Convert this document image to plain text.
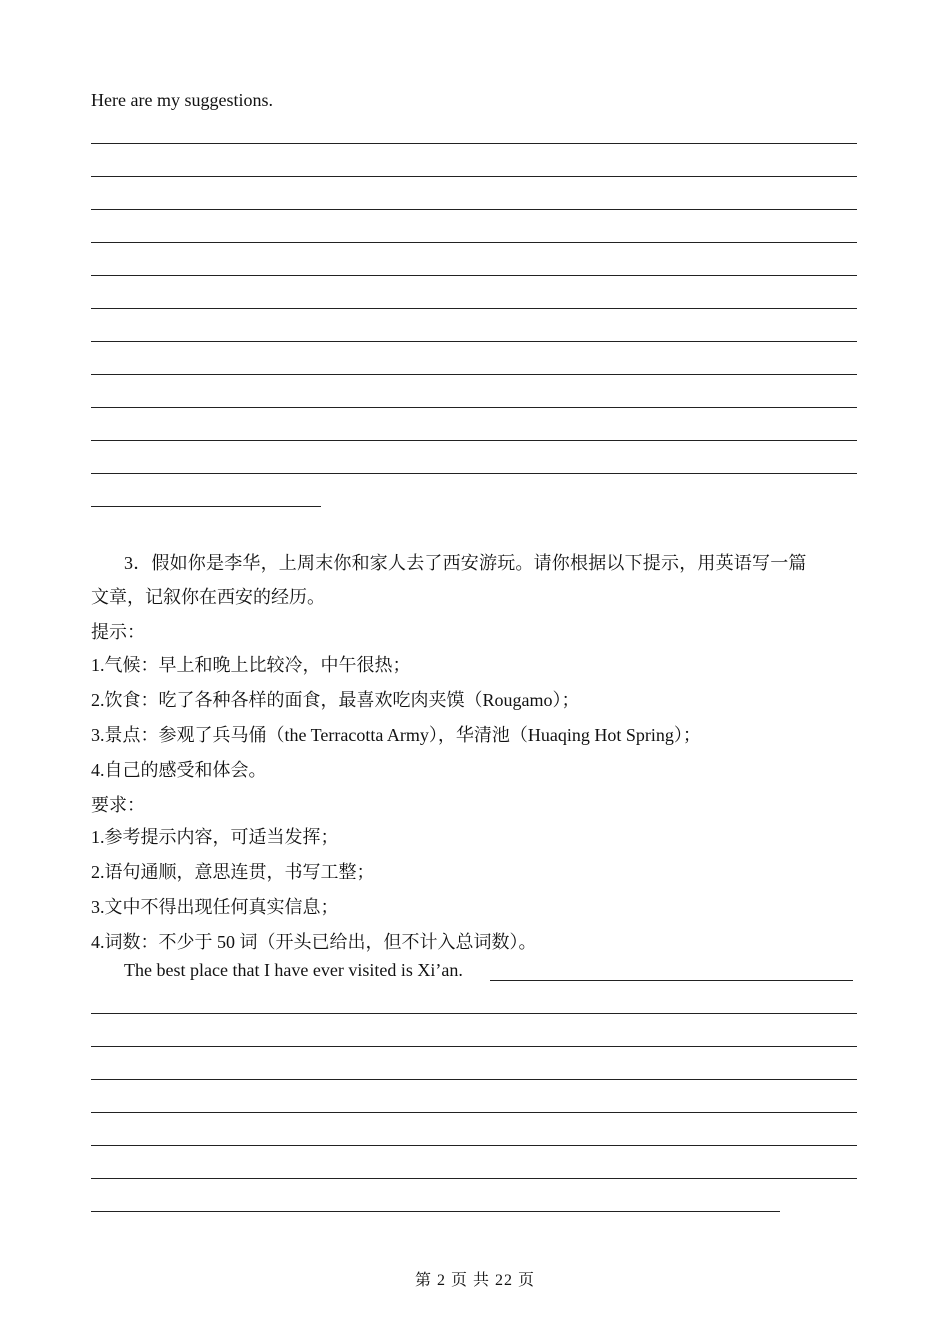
Here are my suggestions.
3．假如你是李华，上周末你和家人去了西安游玩。请你根据以下提示，用英语写一篇
文章，记叙你在西安的经历。
提示：
1.气候：早上和晚上比较冷，中午很热；
2.饮食：吃了各种各样的面食，最喜欢吃肉夹馍（Rougamo）；
3.景点：参观了兵马俑（the Terracotta Army），华清池（Huaqing Hot Spring）；
4.自己的感受和体会。
要求：
1.参考提示内容，可适当发挥；
2.语句通顺，意思连贯，书写工整；
3.文中不得出现任何真实信息；
4.词数：不少于 50 词（开头已给出，但不计入总词数）。
The best place that I have ever visited is Xi’an.
第 2 页 共 22 页
